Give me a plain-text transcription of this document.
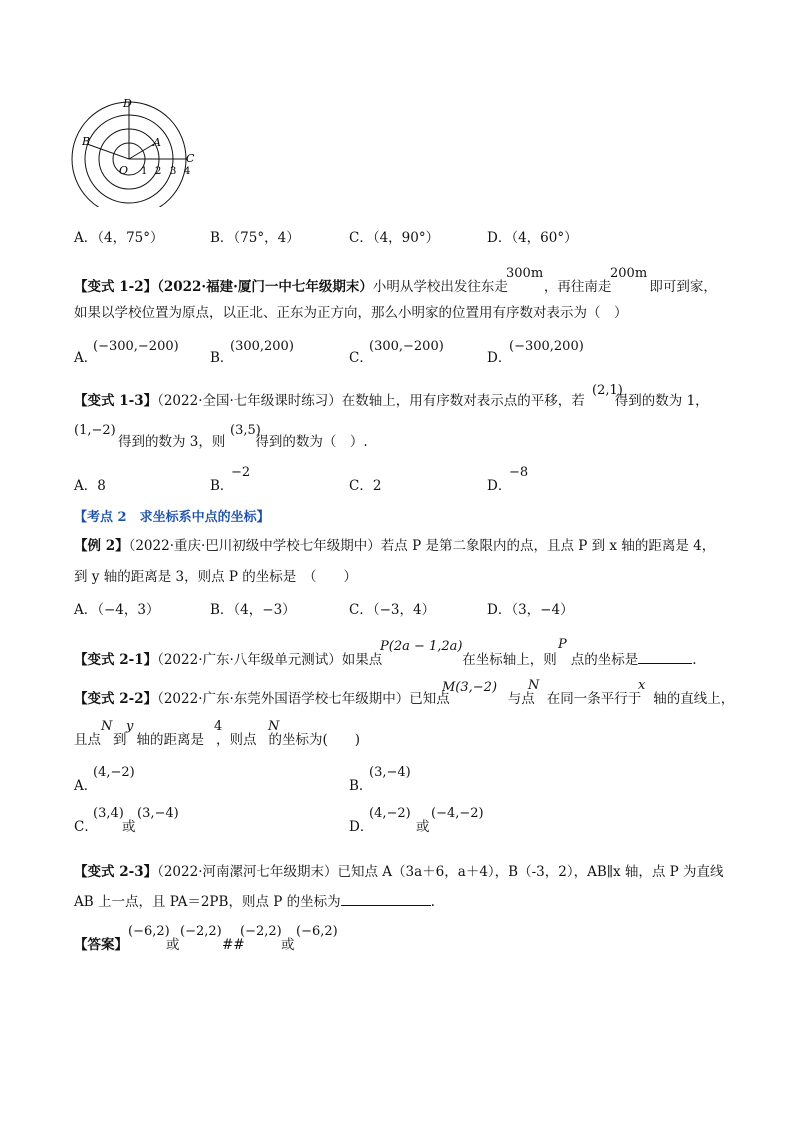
D
A
B
C
O 1 2 3 4
A．（4，75°）	B．（75°，4）	C．（4，90°）	D．（4，60°）
【变式 1-2】（2022·福建·厦门一中七年级期末）小明从学校出发往东走	，再往南走	即可到家，
300m	200m
如果以学校位置为原点，以正北、正东为正方向，那么小明家的位置用有序数对表示为（　）
A．
(−300,−200)
B．
(300,200)
C．
(300,−200)
D．
(−300,200)
【变式 1-3】（2022·全国·七年级课时练习）在数轴上，用有序数对表示点的平移，若 得到的数为 1，
(2,1)
得到的数为 3，则 得到的数为（　）.
(1,−2)	(3,5)
A．8	B．
−2
C．2	D．
−8
【考点 2　求坐标系中点的坐标】
【例 2】（2022·重庆·巴川初级中学校七年级期中）若点 P 是第二象限内的点，且点 P 到 x 轴的距离是 4，
到 y 轴的距离是 3，则点 P 的坐标是　（　　）
A．（−4，3）	B．（4，−3）	C．（−3，4）	D．（3，−4）
【变式 2-1】（2022·广东·八年级单元测试）如果点	在坐标轴上，则 点的坐标是	.
P(2a − 1,2a)	P
【变式 2-2】（2022·广东·东莞外国语学校七年级期中）已知点	与点 在同一条平行于 轴的直线上，
M(3,−2) N	x
且点 到 轴的距离是 ，则点 的坐标为(　　)
N y	4	N
A．
(4,−2)
B．
(3,−4)
C．
(3,4)
或
(3,−4)
D．
(4,−2)
或
(−4,−2)
【变式 2-3】（2022·河南漯河七年级期末）已知点 A（3a＋6，a＋4），B（-3，2），AB∥x 轴，点 P 为直线
AB 上一点，且 PA＝2PB，则点 P 的坐标为	.
【答案】
(−6,2)
或
(−2,2)
##
(−2,2)
或
(−6,2)
